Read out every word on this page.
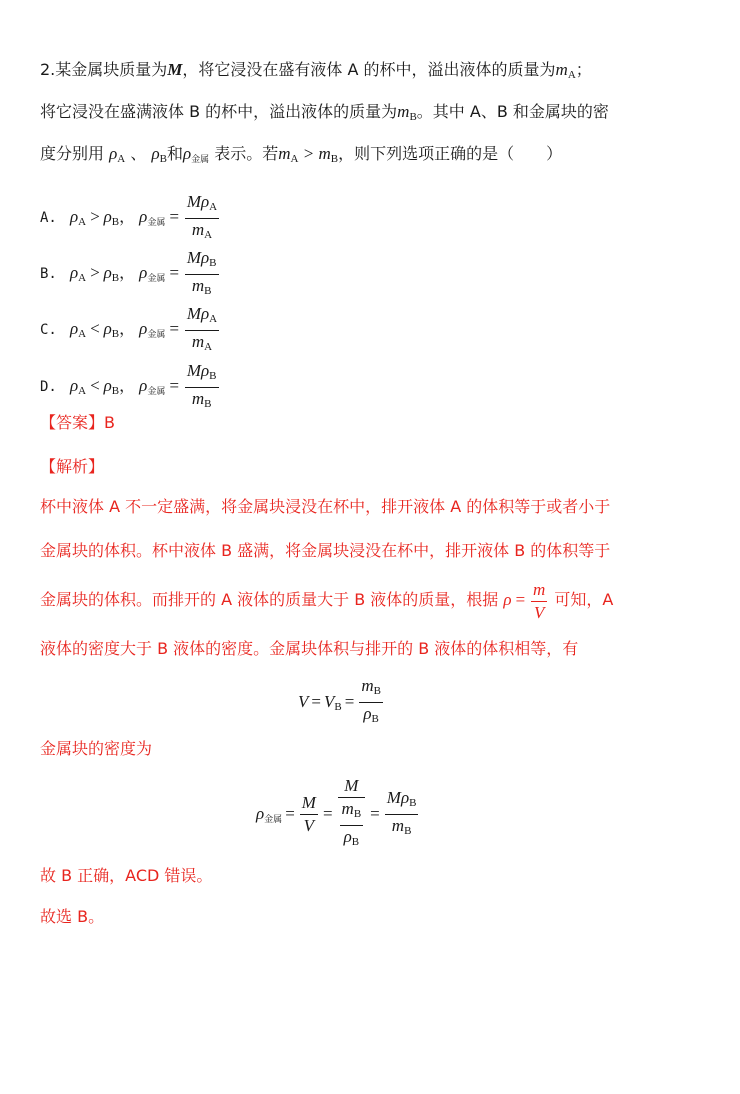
2.某金属块质量为M，将它浸没在盛有液体 A 的杯中，溢出液体的质量为$m_A$；
将它浸没在盛满液体 B 的杯中，溢出液体的质量为$m_B$。其中 A、B 和金属块的密
度分别用 $\rho_A$ 、 $\rho_B$和$\rho_{金属}$ 表示。若$m_A > m_B$，则下列选项正确的是（　　）
A. $\rho_A > \rho_B$， $\rho_{金属} = \frac{M\rho_A}{m_A}$
B. $\rho_A > \rho_B$， $\rho_{金属} = \frac{M\rho_B}{m_B}$
C. $\rho_A < \rho_B$， $\rho_{金属} = \frac{M\rho_A}{m_A}$
D. $\rho_A < \rho_B$， $\rho_{金属} = \frac{M\rho_B}{m_B}$
【答案】B
【解析】
杯中液体 A 不一定盛满，将金属块浸没在杯中，排开液体 A 的体积等于或者小于
金属块的体积。杯中液体 B 盛满，将金属块浸没在杯中，排开液体 B 的体积等于
金属块的体积。而排开的 A 液体的质量大于 B 液体的质量，根据 $\rho = \frac{m}{V}$ 可知，A
液体的密度大于 B 液体的密度。金属块体积与排开的 B 液体的体积相等，有
$V = V_B = \frac{m_B}{\rho_B}$
金属块的密度为
$\rho_{金属} = \frac{M}{V} = \frac{M}{\frac{m_B}{\rho_B}} = \frac{M\rho_B}{m_B}$
故 B 正确，ACD 错误。
故选 B。
